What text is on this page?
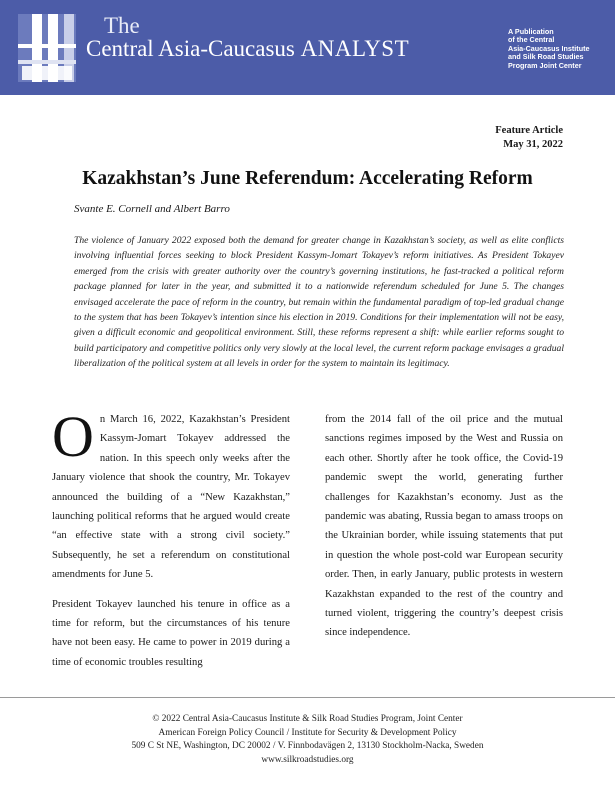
The
Central Asia-Caucasus ANALYST
A Publication
of the Central
Asia-Caucasus Institute
and Silk Road Studies
Program Joint Center
Feature Article
May 31, 2022
Kazakhstan’s June Referendum: Accelerating Reform
Svante E. Cornell and Albert Barro
The violence of January 2022 exposed both the demand for greater change in Kazakhstan’s society, as well as elite conflicts involving influential forces seeking to block President Kassym-Jomart Tokayev’s reform initiatives. As President Tokayev emerged from the crisis with greater authority over the country’s governing institutions, he fast-tracked a political reform package planned for later in the year, and submitted it to a nationwide referendum scheduled for June 5. The changes envisaged accelerate the pace of reform in the country, but remain within the fundamental paradigm of top-led gradual change to the system that has been Tokayev’s intention since his election in 2019. Conditions for their implementation will not be easy, given a difficult economic and geopolitical environment. Still, these reforms represent a shift: while earlier reforms sought to build participatory and competitive politics only very slowly at the local level, the current reform package envisages a gradual liberalization of the political system at all levels in order for the system to maintain its legitimacy.

On March 16, 2022, Kazakhstan’s President Kassym-Jomart Tokayev addressed the nation. In this speech only weeks after the January violence that shook the country, Mr. Tokayev announced the building of a “New Kazakhstan,” launching political reforms that he argued would create “an effective state with a strong civil society.” Subsequently, he set a referendum on constitutional amendments for June 5.

President Tokayev launched his tenure in office as a time for reform, but the circumstances of his tenure have not been easy. He came to power in 2019 during a time of economic troubles resulting

from the 2014 fall of the oil price and the mutual sanctions regimes imposed by the West and Russia on each other. Shortly after he took office, the Covid-19 pandemic swept the world, generating further challenges for Kazakhstan’s economy. Just as the pandemic was abating, Russia began to amass troops on the Ukrainian border, while issuing statements that put in question the whole post-cold war European security order. Then, in early January, public protests in western Kazakhstan expanded to the rest of the country and turned violent, triggering the country’s deepest crisis since independence.

© 2022 Central Asia-Caucasus Institute & Silk Road Studies Program, Joint Center
American Foreign Policy Council / Institute for Security & Development Policy
509 C St NE, Washington, DC 20002 / V. Finnbodavägen 2, 13130 Stockholm-Nacka, Sweden
www.silkroadstudies.org
